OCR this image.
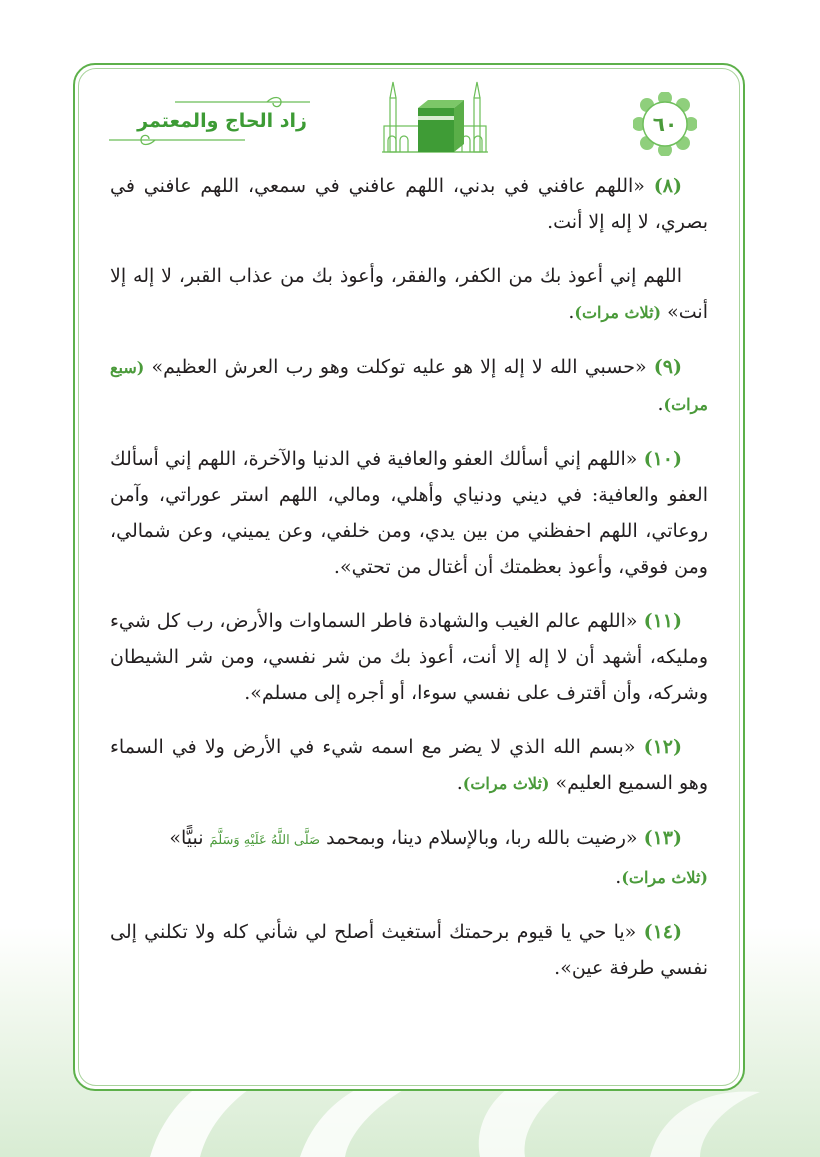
٦٠
زاد الحاج والمعتمر

(٨) «اللهم عافني في بدني، اللهم عافني في سمعي، اللهم عافني في بصري، لا إله إلا أنت.

اللهم إني أعوذ بك من الكفر، والفقر، وأعوذ بك من عذاب القبر، لا إله إلا أنت» (ثلاث مرات).

(٩) «حسبي الله لا إله إلا هو عليه توكلت وهو رب العرش العظيم» (سبع مرات).

(١٠) «اللهم إني أسألك العفو والعافية في الدنيا والآخرة، اللهم إني أسألك العفو والعافية: في ديني ودنياي وأهلي، ومالي، اللهم استر عوراتي، وآمن روعاتي، اللهم احفظني من بين يدي، ومن خلفي، وعن يميني، وعن شمالي، ومن فوقي، وأعوذ بعظمتك أن أغتال من تحتي».

(١١) «اللهم عالم الغيب والشهادة فاطر السماوات والأرض، رب كل شيء ومليكه، أشهد أن لا إله إلا أنت، أعوذ بك من شر نفسي، ومن شر الشيطان وشركه، وأن أقترف على نفسي سوءا، أو أجره إلى مسلم».

(١٢) «بسم الله الذي لا يضر مع اسمه شيء في الأرض ولا في السماء وهو السميع العليم» (ثلاث مرات).

(١٣) «رضيت بالله ربا، وبالإسلام دينا، وبمحمد صَلَّى اللَّهُ عَلَيْهِ وَسَلَّمَ نبيًّا»
(ثلاث مرات).

(١٤) «يا حي يا قيوم برحمتك أستغيث أصلح لي شأني كله ولا تكلني إلى نفسي طرفة عين».
